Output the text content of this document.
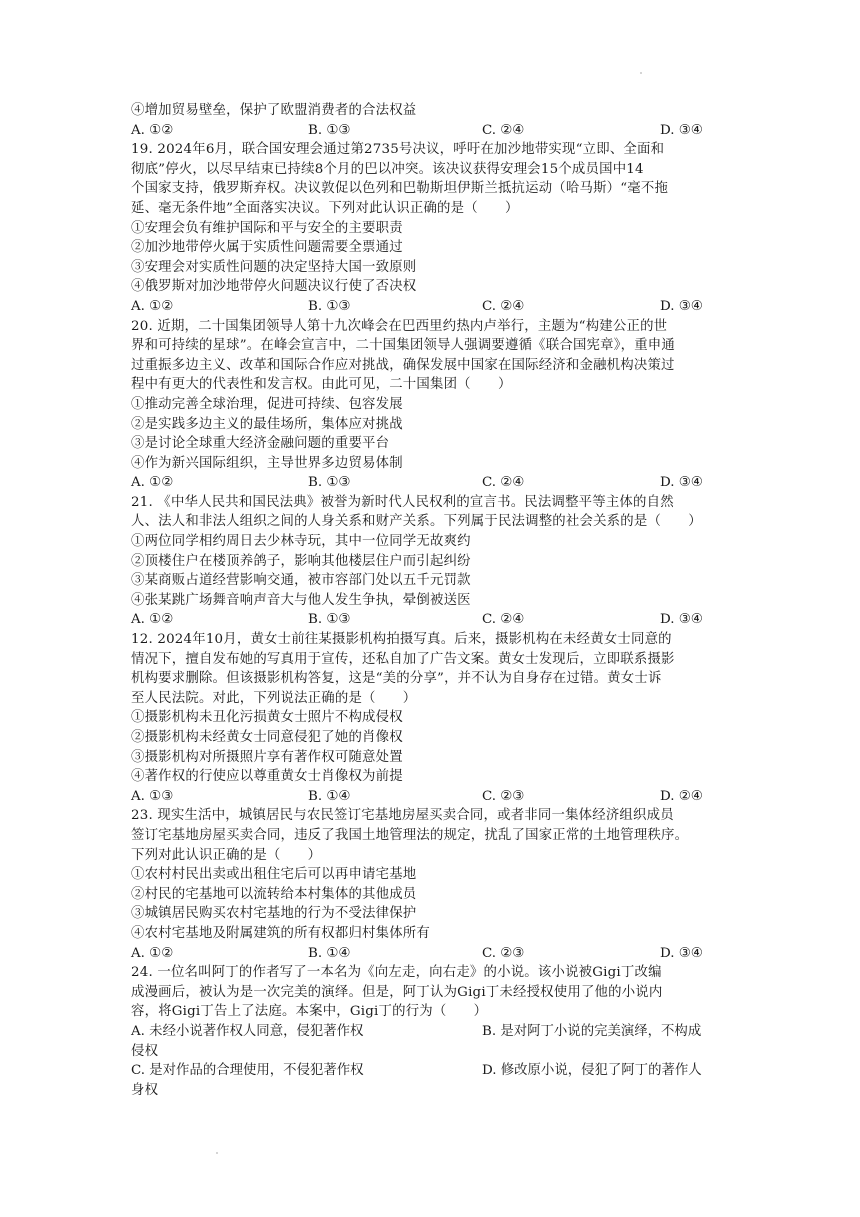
④增加贸易壁垒，保护了欧盟消费者的合法权益
A. ①②	B. ①③	C. ②④	D. ③④
19. 2024年6月，联合国安理会通过第2735号决议，呼吁在加沙地带实现“立即、全面和
彻底”停火，以尽早结束已持续8个月的巴以冲突。该决议获得安理会15个成员国中14
个国家支持，俄罗斯弃权。决议敦促以色列和巴勒斯坦伊斯兰抵抗运动（哈马斯）“毫不拖
延、毫无条件地”全面落实决议。下列对此认识正确的是（　　）
①安理会负有维护国际和平与安全的主要职责
②加沙地带停火属于实质性问题需要全票通过
③安理会对实质性问题的决定坚持大国一致原则
④俄罗斯对加沙地带停火问题决议行使了否决权
A. ①②	B. ①③	C. ②④	D. ③④
20. 近期，二十国集团领导人第十九次峰会在巴西里约热内卢举行，主题为“构建公正的世
界和可持续的星球”。在峰会宣言中，二十国集团领导人强调要遵循《联合国宪章》，重申通
过重振多边主义、改革和国际合作应对挑战，确保发展中国家在国际经济和金融机构决策过
程中有更大的代表性和发言权。由此可见，二十国集团（　　）
①推动完善全球治理，促进可持续、包容发展
②是实践多边主义的最佳场所，集体应对挑战
③是讨论全球重大经济金融问题的重要平台
④作为新兴国际组织，主导世界多边贸易体制
A. ①②	B. ①③	C. ②④	D. ③④
21. 《中华人民共和国民法典》被誉为新时代人民权利的宣言书。民法调整平等主体的自然
人、法人和非法人组织之间的人身关系和财产关系。下列属于民法调整的社会关系的是（　　）
①两位同学相约周日去少林寺玩，其中一位同学无故爽约
②顶楼住户在楼顶养鸽子，影响其他楼层住户而引起纠纷
③某商贩占道经营影响交通，被市容部门处以五千元罚款
④张某跳广场舞音响声音大与他人发生争执，晕倒被送医
A. ①②	B. ①③	C. ②④	D. ③④
12. 2024年10月，黄女士前往某摄影机构拍摄写真。后来，摄影机构在未经黄女士同意的
情况下，擅自发布她的写真用于宣传，还私自加了广告文案。黄女士发现后，立即联系摄影
机构要求删除。但该摄影机构答复，这是“美的分享”，并不认为自身存在过错。黄女士诉
至人民法院。对此，下列说法正确的是（　　）
①摄影机构未丑化污损黄女士照片不构成侵权
②摄影机构未经黄女士同意侵犯了她的肖像权
③摄影机构对所摄照片享有著作权可随意处置
④著作权的行使应以尊重黄女士肖像权为前提
A. ①③	B. ①④	C. ②③	D. ②④
23. 现实生活中，城镇居民与农民签订宅基地房屋买卖合同，或者非同一集体经济组织成员
签订宅基地房屋买卖合同，违反了我国土地管理法的规定，扰乱了国家正常的土地管理秩序。
下列对此认识正确的是（　　）
①农村村民出卖或出租住宅后可以再申请宅基地
②村民的宅基地可以流转给本村集体的其他成员
③城镇居民购买农村宅基地的行为不受法律保护
④农村宅基地及附属建筑的所有权都归村集体所有
A. ①②	B. ①④	C. ②③	D. ③④
24. 一位名叫阿丁的作者写了一本名为《向左走，向右走》的小说。该小说被Gigi丁改编
成漫画后，被认为是一次完美的演绎。但是，阿丁认为Gigi丁未经授权使用了他的小说内
容，将Gigi丁告上了法庭。本案中，Gigi丁的行为（　　）
A. 未经小说著作权人同意，侵犯著作权	B. 是对阿丁小说的完美演绎，不构成
侵权
C. 是对作品的合理使用，不侵犯著作权	D. 修改原小说，侵犯了阿丁的著作人
身权
